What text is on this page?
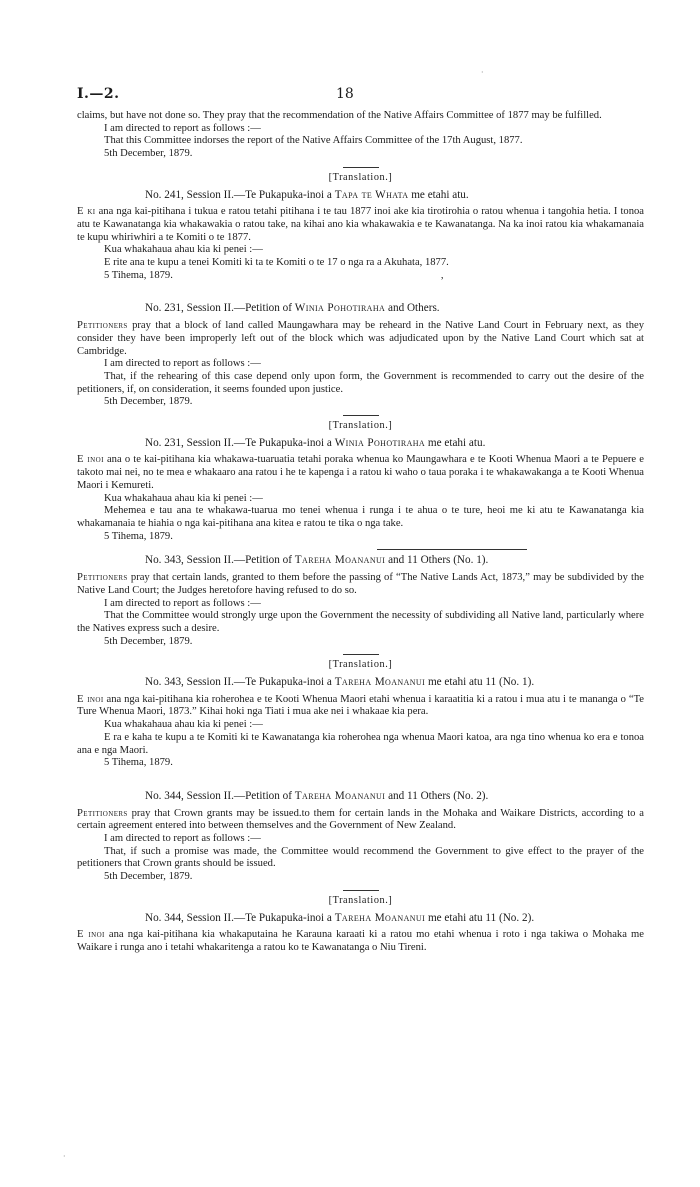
I.—2.	18

claims, but have not done so. They pray that the recommendation of the Native Affairs Committee of 1877 may be fulfilled.

I am directed to report as follows :—

That this Committee indorses the report of the Native Affairs Committee of the 17th August, 1877.

5th December, 1879.

[Translation.]

No. 241, Session II.—Te Pukapuka-inoi a Tapa te Whata me etahi atu.

E ki ana nga kai-pitihana i tukua e ratou tetahi pitihana i te tau 1877 inoi ake kia tirotirohia o ratou whenua i tangohia hetia. I tonoa atu te Kawanatanga kia whakawakia o ratou take, na kihai ano kia whakawakia e te Kawanatanga. Na ka inoi ratou kia whakamanaia te kupu whiriwhiri a te Komiti o te 1877.

Kua whakahaua ahau kia ki penei :—

E rite ana te kupu a tenei Komiti ki ta te Komiti o te 17 o nga ra a Akuhata, 1877.

5 Tihema, 1879.	,

No. 231, Session II.—Petition of Winia Pohotiraha and Others.

Petitioners pray that a block of land called Maungawhara may be reheard in the Native Land Court in February next, as they consider they have been improperly left out of the block which was adjudicated upon by the Native Land Court which sat at Cambridge.

I am directed to report as follows :—

That, if the rehearing of this case depend only upon form, the Government is recommended to carry out the desire of the petitioners, if, on consideration, it seems founded upon justice.

5th December, 1879.

[Translation.]

No. 231, Session II.—Te Pukapuka-inoi a Winia Pohotiraha me etahi atu.

E inoi ana o te kai-pitihana kia whakawa-tuaruatia tetahi poraka whenua ko Maungawhara e te Kooti Whenua Maori a te Pepuere e takoto mai nei, no te mea e whakaaro ana ratou i he te kapenga i a ratou ki waho o taua poraka i te whakawakanga a te Kooti Whenua Maori i Kemureti.

Kua whakahaua ahau kia ki penei :—

Mehemea e tau ana te whakawa-tuarua mo tenei whenua i runga i te ahua o te ture, heoi me ki atu te Kawanatanga kia whakamanaia te hiahia o nga kai-pitihana ana kitea e ratou te tika o nga take.

5 Tihema, 1879.

No. 343, Session II.—Petition of Tareha Moananui and 11 Others (No. 1).

Petitioners pray that certain lands, granted to them before the passing of “The Native Lands Act, 1873,” may be subdivided by the Native Land Court; the Judges heretofore having refused to do so.

I am directed to report as follows :—

That the Committee would strongly urge upon the Government the necessity of subdividing all Native land, particularly where the Natives express such a desire.

5th December, 1879.

[Translation.]

No. 343, Session II.—Te Pukapuka-inoi a Tareha Moananui me etahi atu 11 (No. 1).

E inoi ana nga kai-pitihana kia roherohea e te Kooti Whenua Maori etahi whenua i karaatitia ki a ratou i mua atu i te mananga o “Te Ture Whenua Maori, 1873.” Kihai hoki nga Tiati i mua ake nei i whakaae kia pera.

Kua whakahaua ahau kia ki penei :—

E ra e kaha te kupu a te Komiti ki te Kawanatanga kia roherohea nga whenua Maori katoa, ara nga tino whenua ko era e tonoa ana e nga Maori.

5 Tihema, 1879.

No. 344, Session II.—Petition of Tareha Moananui and 11 Others (No. 2).

Petitioners pray that Crown grants may be issued.to them for certain lands in the Mohaka and Waikare Districts, according to a certain agreement entered into between themselves and the Government of New Zealand.

I am directed to report as follows :—

That, if such a promise was made, the Committee would recommend the Government to give effect to the prayer of the petitioners that Crown grants should be issued.

5th December, 1879.

[Translation.]

No. 344, Session II.—Te Pukapuka-inoi a Tareha Moananui me etahi atu 11 (No. 2).

E inoi ana nga kai-pitihana kia whakaputaina he Karauna karaati ki a ratou mo etahi whenua i roto i nga takiwa o Mohaka me Waikare i runga ano i tetahi whakaritenga a ratou ko te Kawanatanga o Niu Tireni.

·
·
